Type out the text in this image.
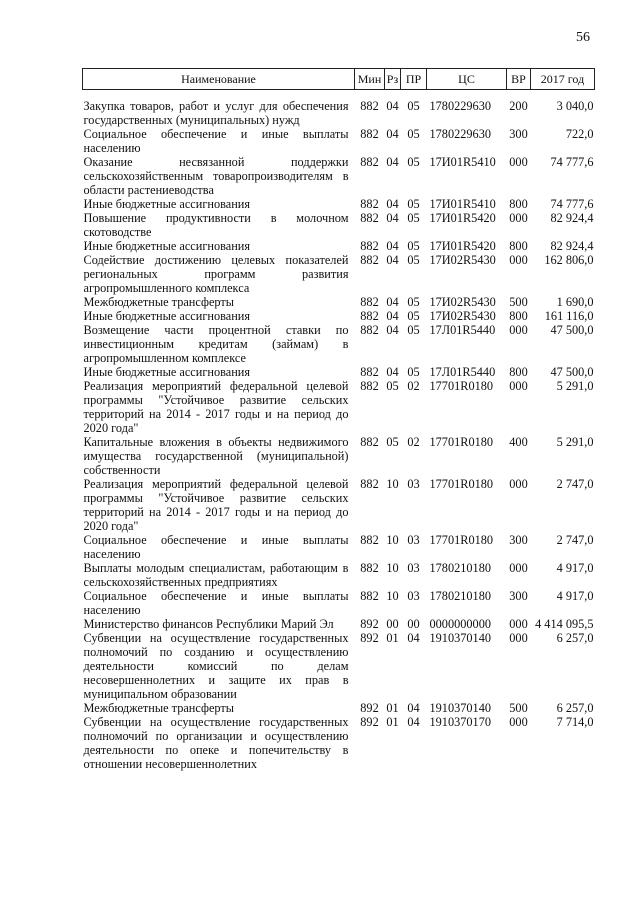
56
Наименование	Мин	Рз	ПР	ЦС	ВР	2017 год
Закупка товаров, работ и услуг для обеспечения государственных (муниципальных) нужд	882	04	05	1780229630	200	3 040,0
Социальное обеспечение и иные выплаты населению	882	04	05	1780229630	300	722,0
Оказание несвязанной поддержки сельскохозяйственным товаропроизводителям в области растениеводства	882	04	05	17И01R5410	000	74 777,6
Иные бюджетные ассигнования	882	04	05	17И01R5410	800	74 777,6
Повышение продуктивности в молочном скотоводстве	882	04	05	17И01R5420	000	82 924,4
Иные бюджетные ассигнования	882	04	05	17И01R5420	800	82 924,4
Содействие достижению целевых показателей региональных программ развития агропромышленного комплекса	882	04	05	17И02R5430	000	162 806,0
Межбюджетные трансферты	882	04	05	17И02R5430	500	1 690,0
Иные бюджетные ассигнования	882	04	05	17И02R5430	800	161 116,0
Возмещение части процентной ставки по инвестиционным кредитам (займам) в агропромышленном комплексе	882	04	05	17Л01R5440	000	47 500,0
Иные бюджетные ассигнования	882	04	05	17Л01R5440	800	47 500,0
Реализация мероприятий федеральной целевой программы "Устойчивое развитие сельских территорий на 2014 - 2017 годы и на период до 2020 года"	882	05	02	17701R0180	000	5 291,0
Капитальные вложения в объекты недвижимого имущества государственной (муниципальной) собственности	882	05	02	17701R0180	400	5 291,0
Реализация мероприятий федеральной целевой программы "Устойчивое развитие сельских территорий на 2014 - 2017 годы и на период до 2020 года"	882	10	03	17701R0180	000	2 747,0
Социальное обеспечение и иные выплаты населению	882	10	03	17701R0180	300	2 747,0
Выплаты молодым специалистам, работающим в сельскохозяйственных предприятиях	882	10	03	1780210180	000	4 917,0
Социальное обеспечение и иные выплаты населению	882	10	03	1780210180	300	4 917,0
Министерство финансов Республики Марий Эл	892	00	00	0000000000	000	4 414 095,5
Субвенции на осуществление государственных полномочий по созданию и осуществлению деятельности комиссий по делам несовершеннолетних и защите их прав в муниципальном образовании	892	01	04	1910370140	000	6 257,0
Межбюджетные трансферты	892	01	04	1910370140	500	6 257,0
Субвенции на осуществление государственных полномочий по организации и осуществлению деятельности по опеке и попечительству в отношении несовершеннолетних	892	01	04	1910370170	000	7 714,0
